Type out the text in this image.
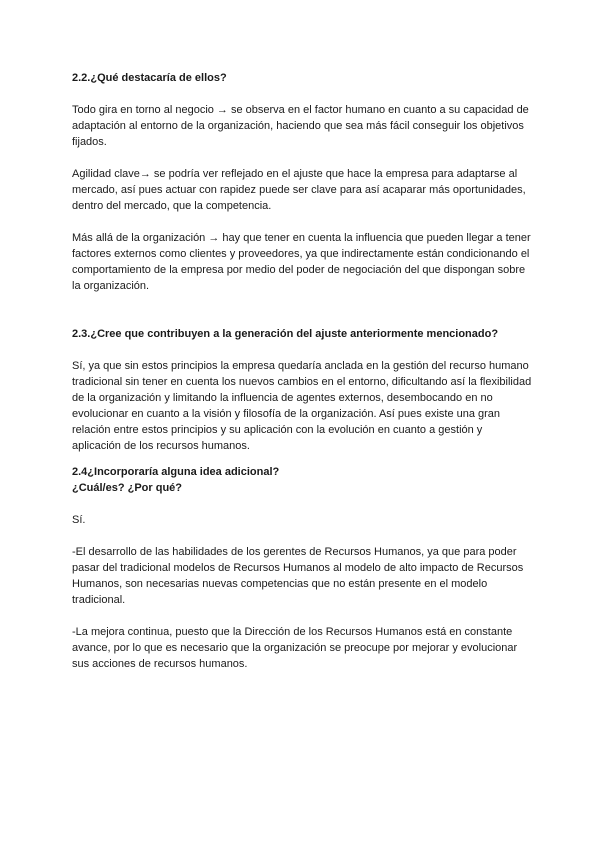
2.2.¿Qué destacaría de ellos?

Todo gira en torno al negocio → se observa en el factor humano en cuanto a su capacidad de adaptación al entorno de la organización, haciendo que sea más fácil conseguir los objetivos fijados.

Agilidad clave→ se podría ver reflejado en el ajuste que hace la empresa para adaptarse al mercado, así pues actuar con rapidez puede ser clave para así acaparar más oportunidades, dentro del mercado, que la competencia.

Más allá de la organización → hay que tener en cuenta la influencia que pueden llegar a tener factores externos como clientes y proveedores, ya que indirectamente están condicionando el comportamiento de la empresa por medio del poder de negociación del que dispongan sobre la organización.

2.3.¿Cree que contribuyen a la generación del ajuste anteriormente mencionado?

Sí, ya que sin estos principios la empresa quedaría anclada en la gestión del recurso humano tradicional sin tener en cuenta los nuevos cambios en el entorno, dificultando así la flexibilidad de la organización y limitando la influencia de agentes externos, desembocando en no evolucionar en cuanto a la visión y filosofía de la organización. Así pues existe una gran relación entre estos principios y su aplicación con la evolución en cuanto a gestión y aplicación de los recursos humanos.

2.4¿Incorporaría alguna idea adicional?
¿Cuál/es? ¿Por qué?

Sí.

-El desarrollo de las habilidades de los gerentes de Recursos Humanos, ya que para poder pasar del tradicional modelos de Recursos Humanos al modelo de alto impacto de Recursos Humanos, son necesarias nuevas competencias que no están presente en el modelo tradicional.

-La mejora continua, puesto que la Dirección de los Recursos Humanos está en constante avance, por lo que es necesario que la organización se preocupe por mejorar y evolucionar sus acciones de recursos humanos.
